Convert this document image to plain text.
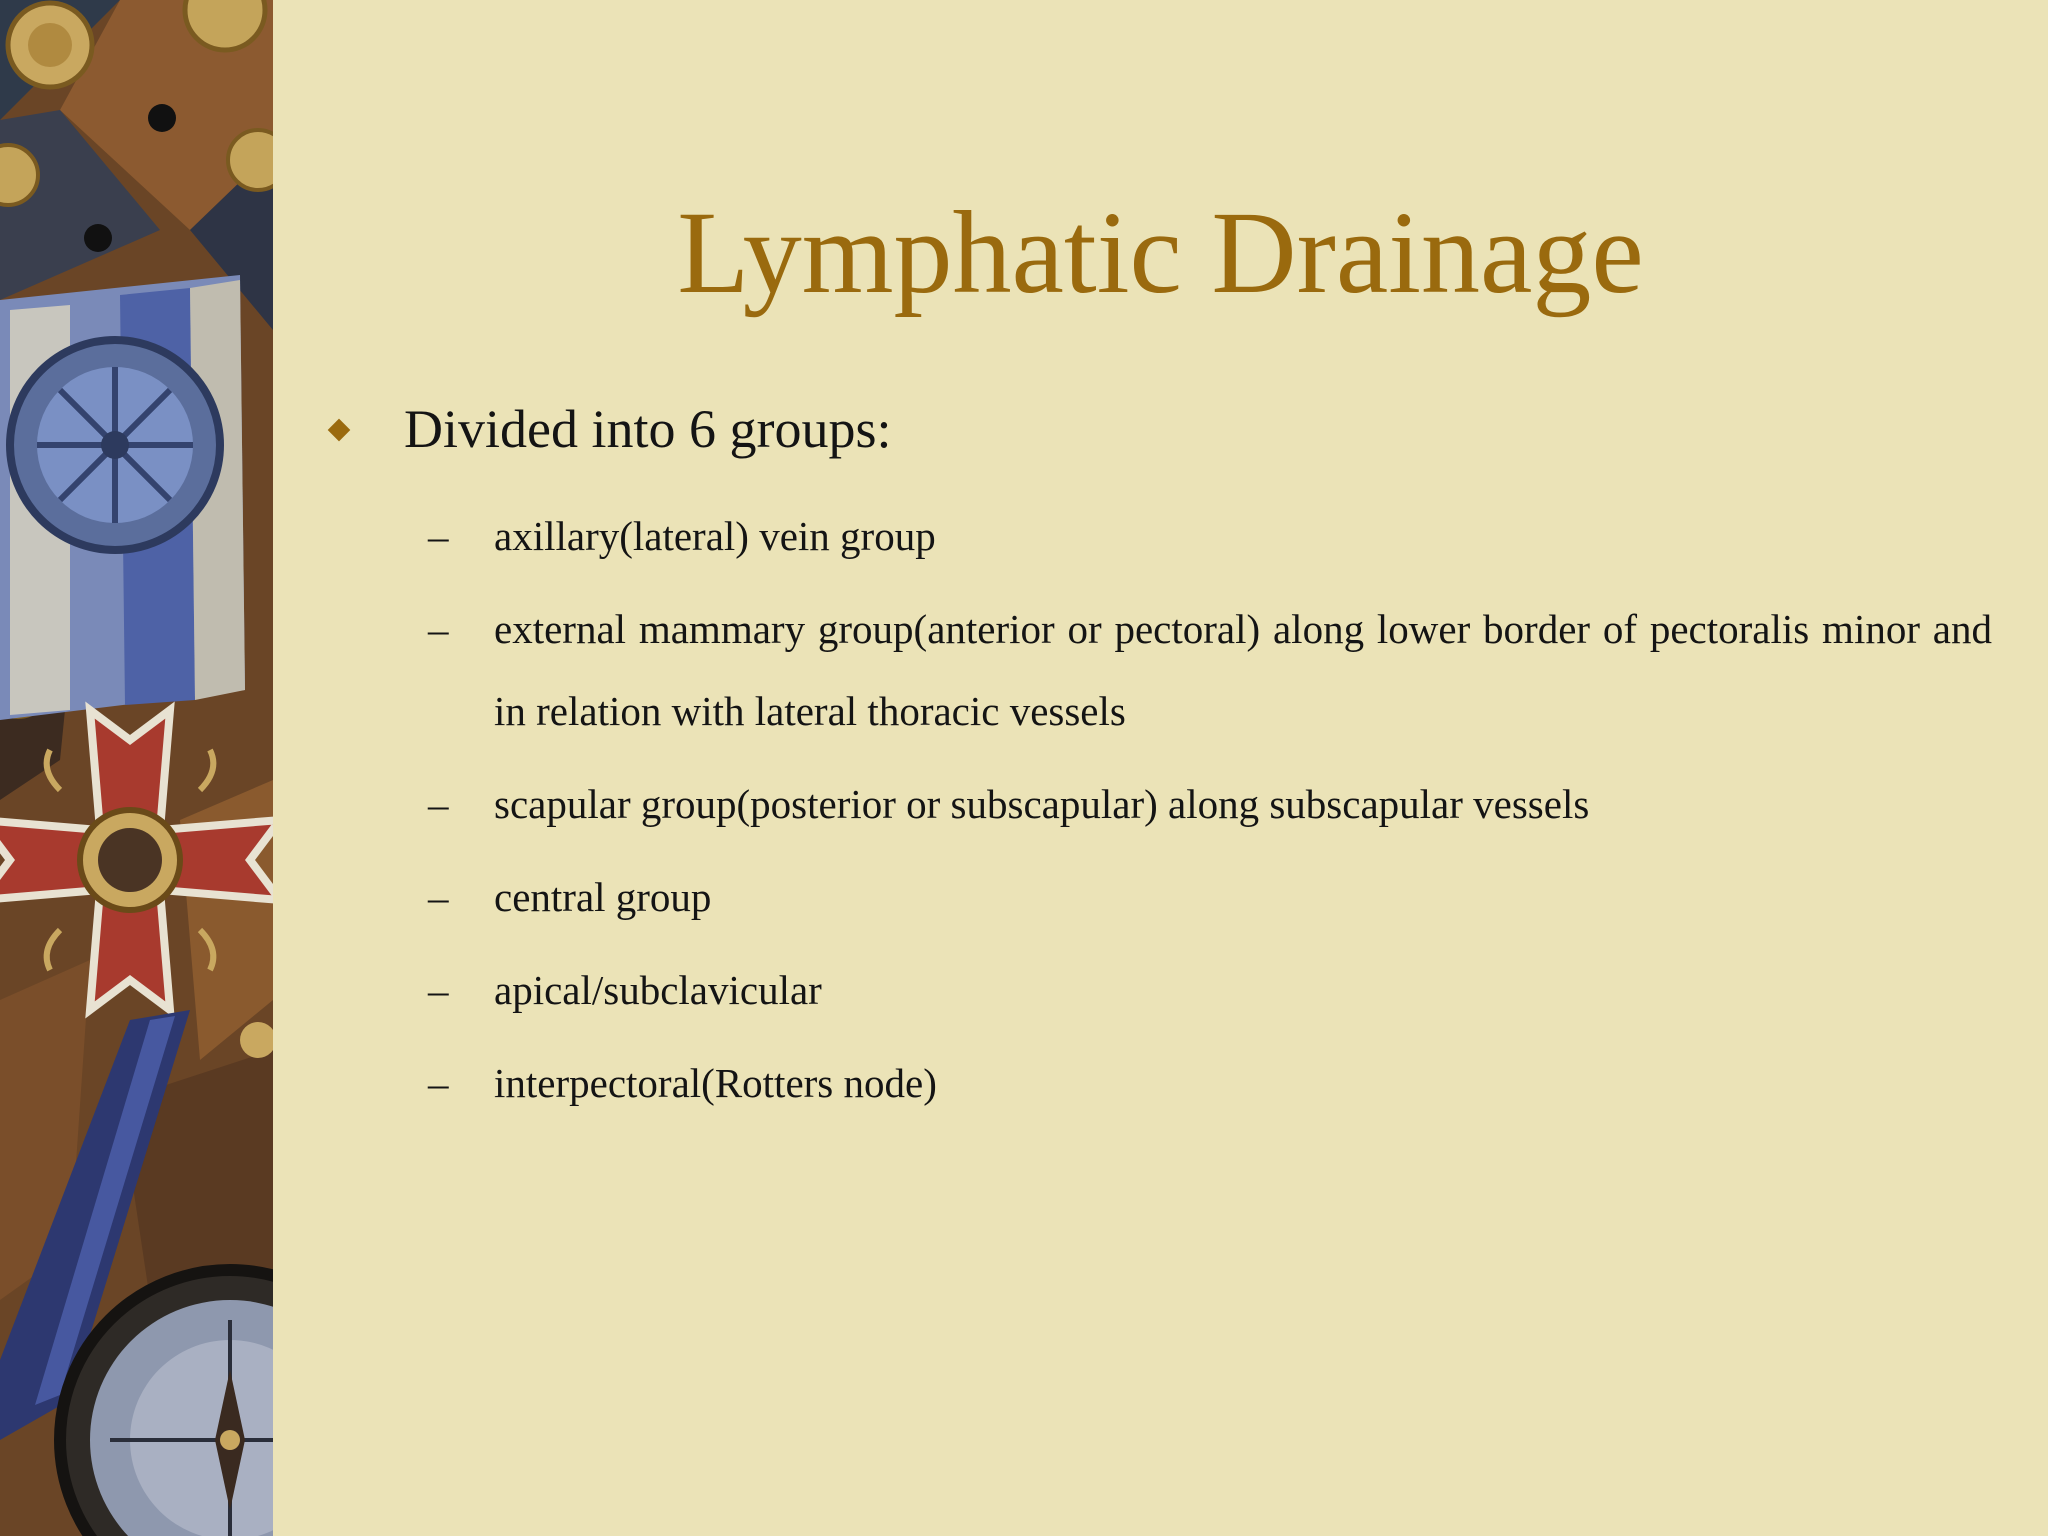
Lymphatic Drainage
Divided into 6 groups:
– axillary(lateral) vein group
– external mammary group(anterior or pectoral) along lower border of pectoralis minor and in relation with lateral thoracic vessels
– scapular group(posterior or subscapular) along subscapular vessels
– central group
– apical/subclavicular
– interpectoral(Rotters node)
